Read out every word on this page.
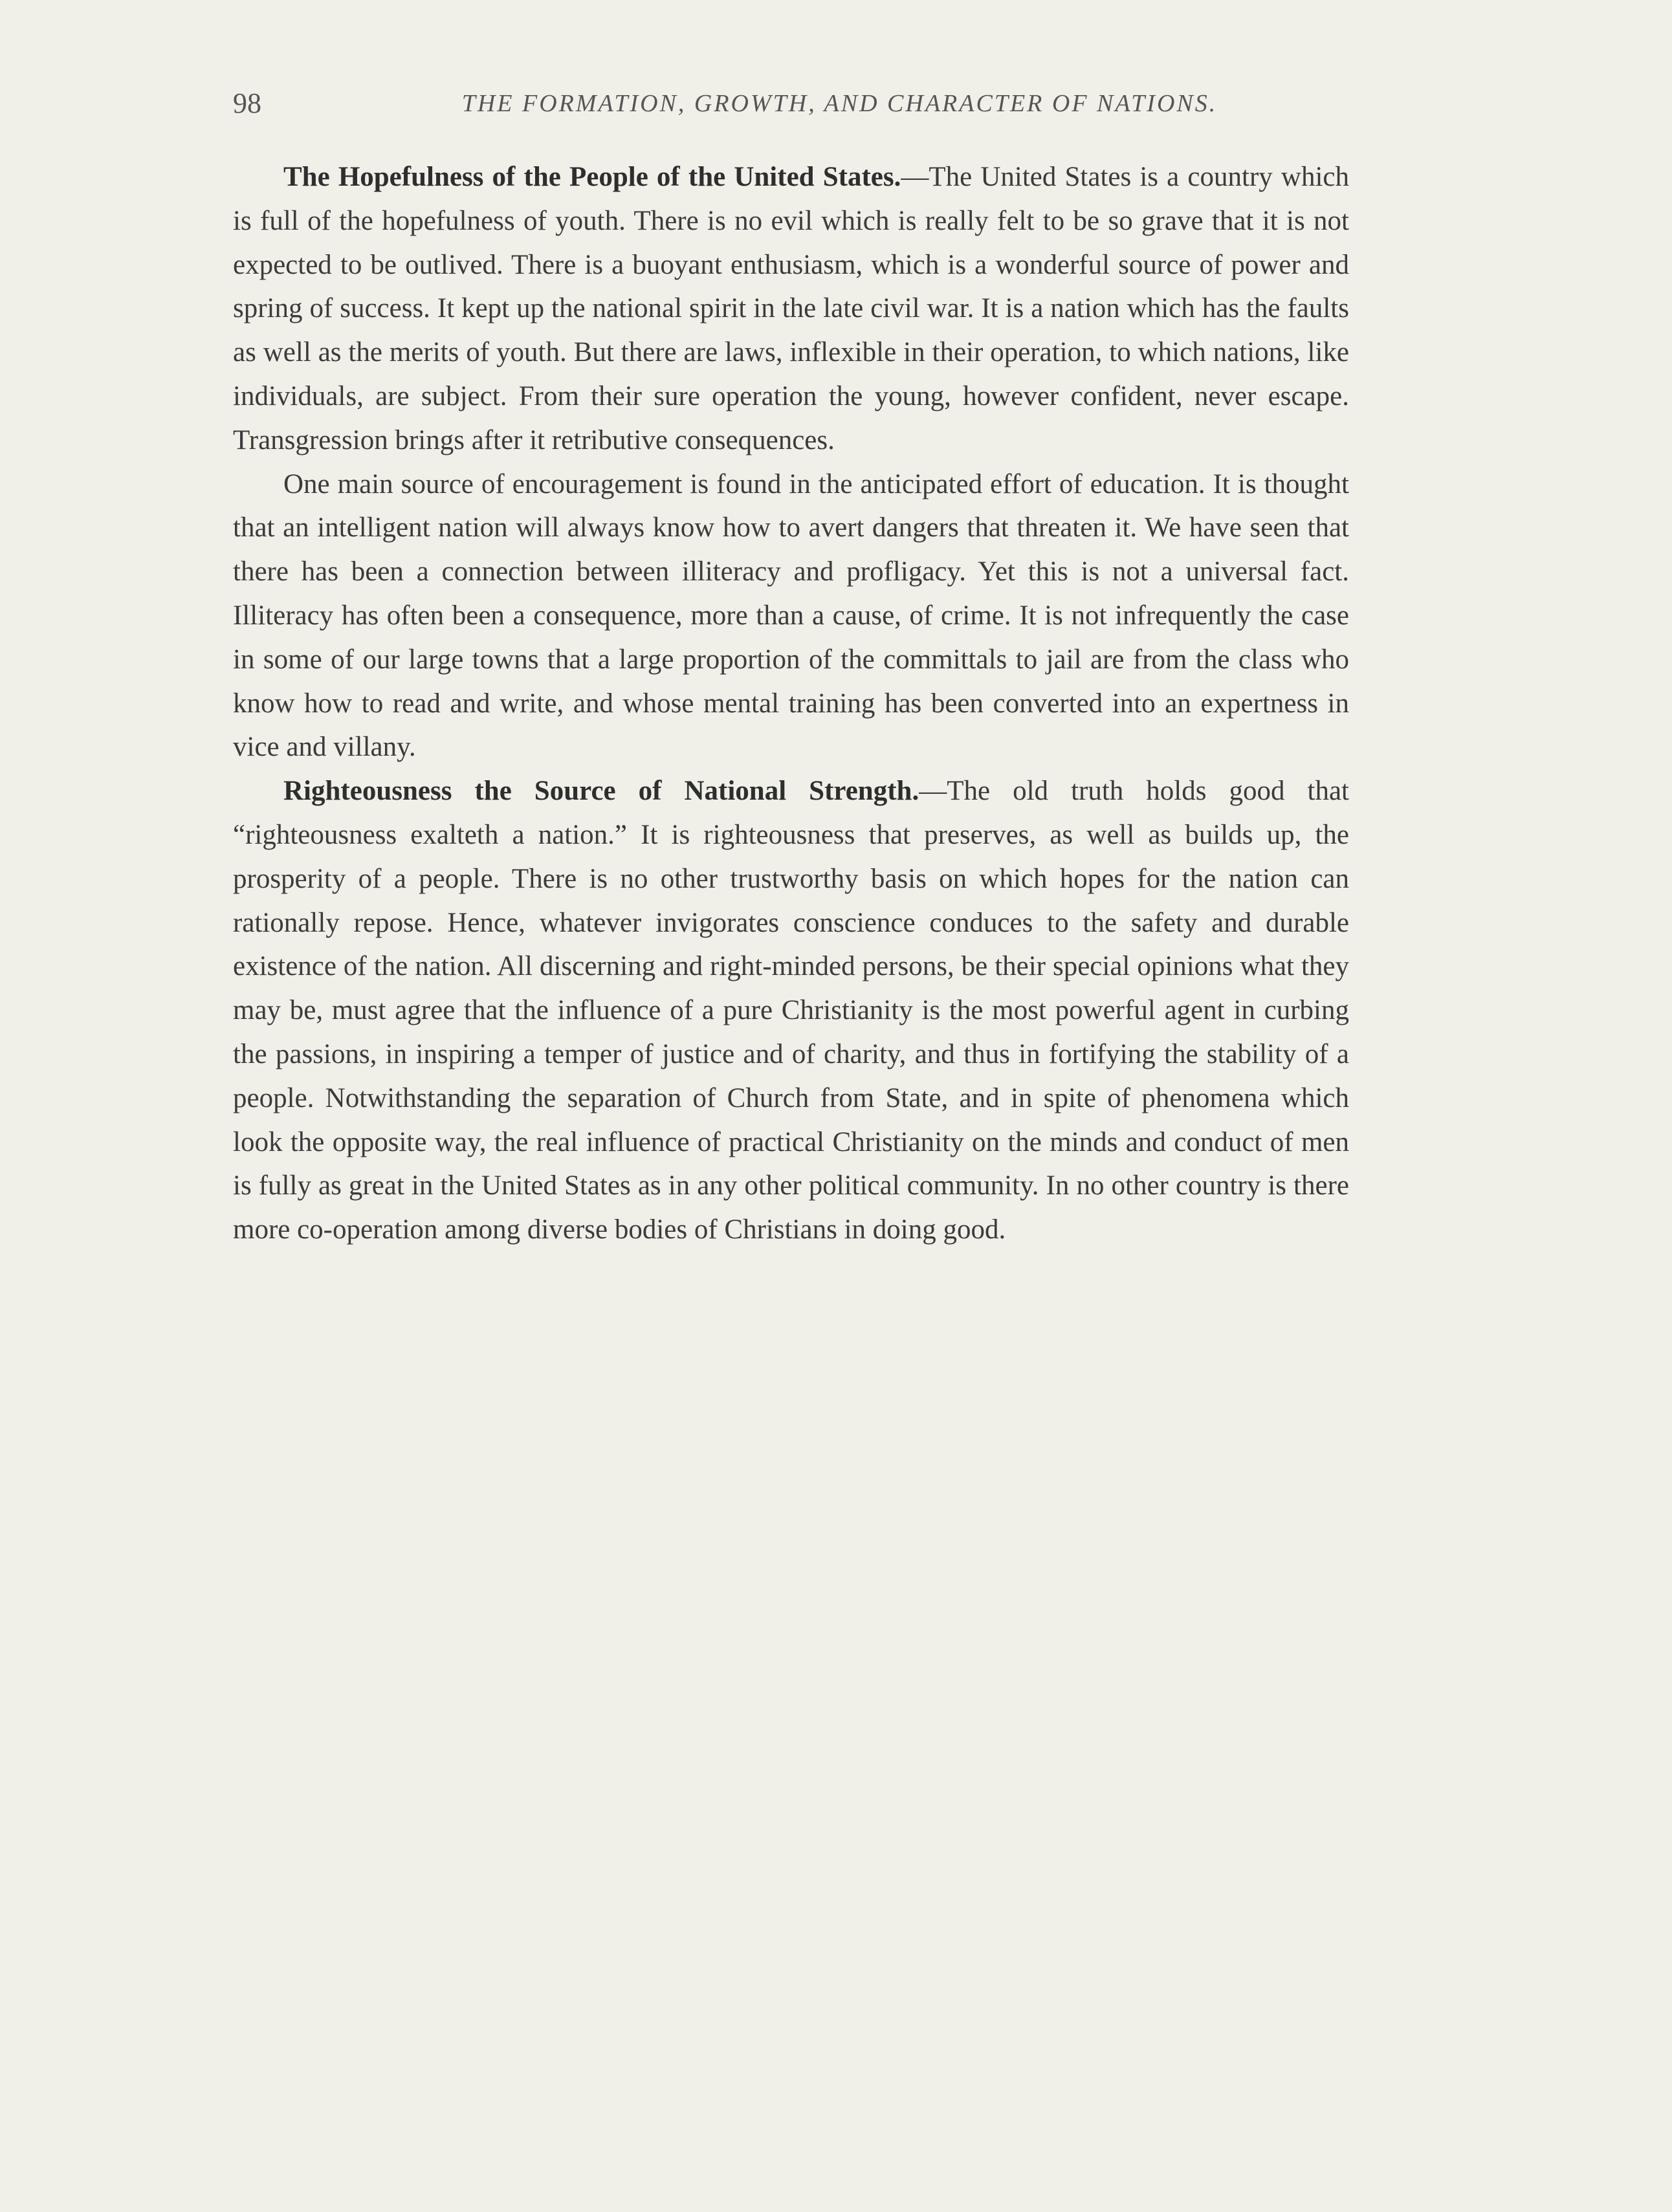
98	THE FORMATION, GROWTH, AND CHARACTER OF NATIONS.

The Hopefulness of the People of the United States.—The United States is a country which is full of the hopefulness of youth. There is no evil which is really felt to be so grave that it is not expected to be outlived. There is a buoyant enthusiasm, which is a wonderful source of power and spring of success. It kept up the national spirit in the late civil war. It is a nation which has the faults as well as the merits of youth. But there are laws, inflexible in their operation, to which nations, like individuals, are subject. From their sure operation the young, however confident, never escape. Transgression brings after it retributive consequences.

One main source of encouragement is found in the anticipated effort of education. It is thought that an intelligent nation will always know how to avert dangers that threaten it. We have seen that there has been a connection between illiteracy and profligacy. Yet this is not a universal fact. Illiteracy has often been a consequence, more than a cause, of crime. It is not infrequently the case in some of our large towns that a large proportion of the committals to jail are from the class who know how to read and write, and whose mental training has been converted into an expertness in vice and villany.

Righteousness the Source of National Strength.—The old truth holds good that “righteousness exalteth a nation.” It is righteousness that preserves, as well as builds up, the prosperity of a people. There is no other trustworthy basis on which hopes for the nation can rationally repose. Hence, whatever invigorates conscience conduces to the safety and durable existence of the nation. All discerning and right-minded persons, be their special opinions what they may be, must agree that the influence of a pure Christianity is the most powerful agent in curbing the passions, in inspiring a temper of justice and of charity, and thus in fortifying the stability of a people. Notwithstanding the separation of Church from State, and in spite of phenomena which look the opposite way, the real influence of practical Christianity on the minds and conduct of men is fully as great in the United States as in any other political community. In no other country is there more co-operation among diverse bodies of Christians in doing good.
